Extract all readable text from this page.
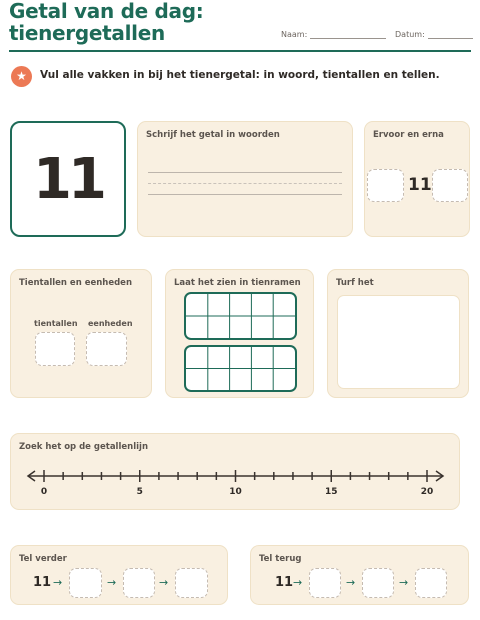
Getal van de dag:
tienergetallen	Naam:	Datum:
★	Vul alle vakken in bij het tienergetal: in woord, tientallen en tellen.
11
Schrijf het getal in woorden	Ervoor en erna
11
Tientallen en eenheden
tientallen eenheden
Laat het zien in tienramen	Turf het
Zoek het op de getallenlijn
0	5	10	15	20
Tel verder
11 →	→	→
Tel terug
11 →	→	→
